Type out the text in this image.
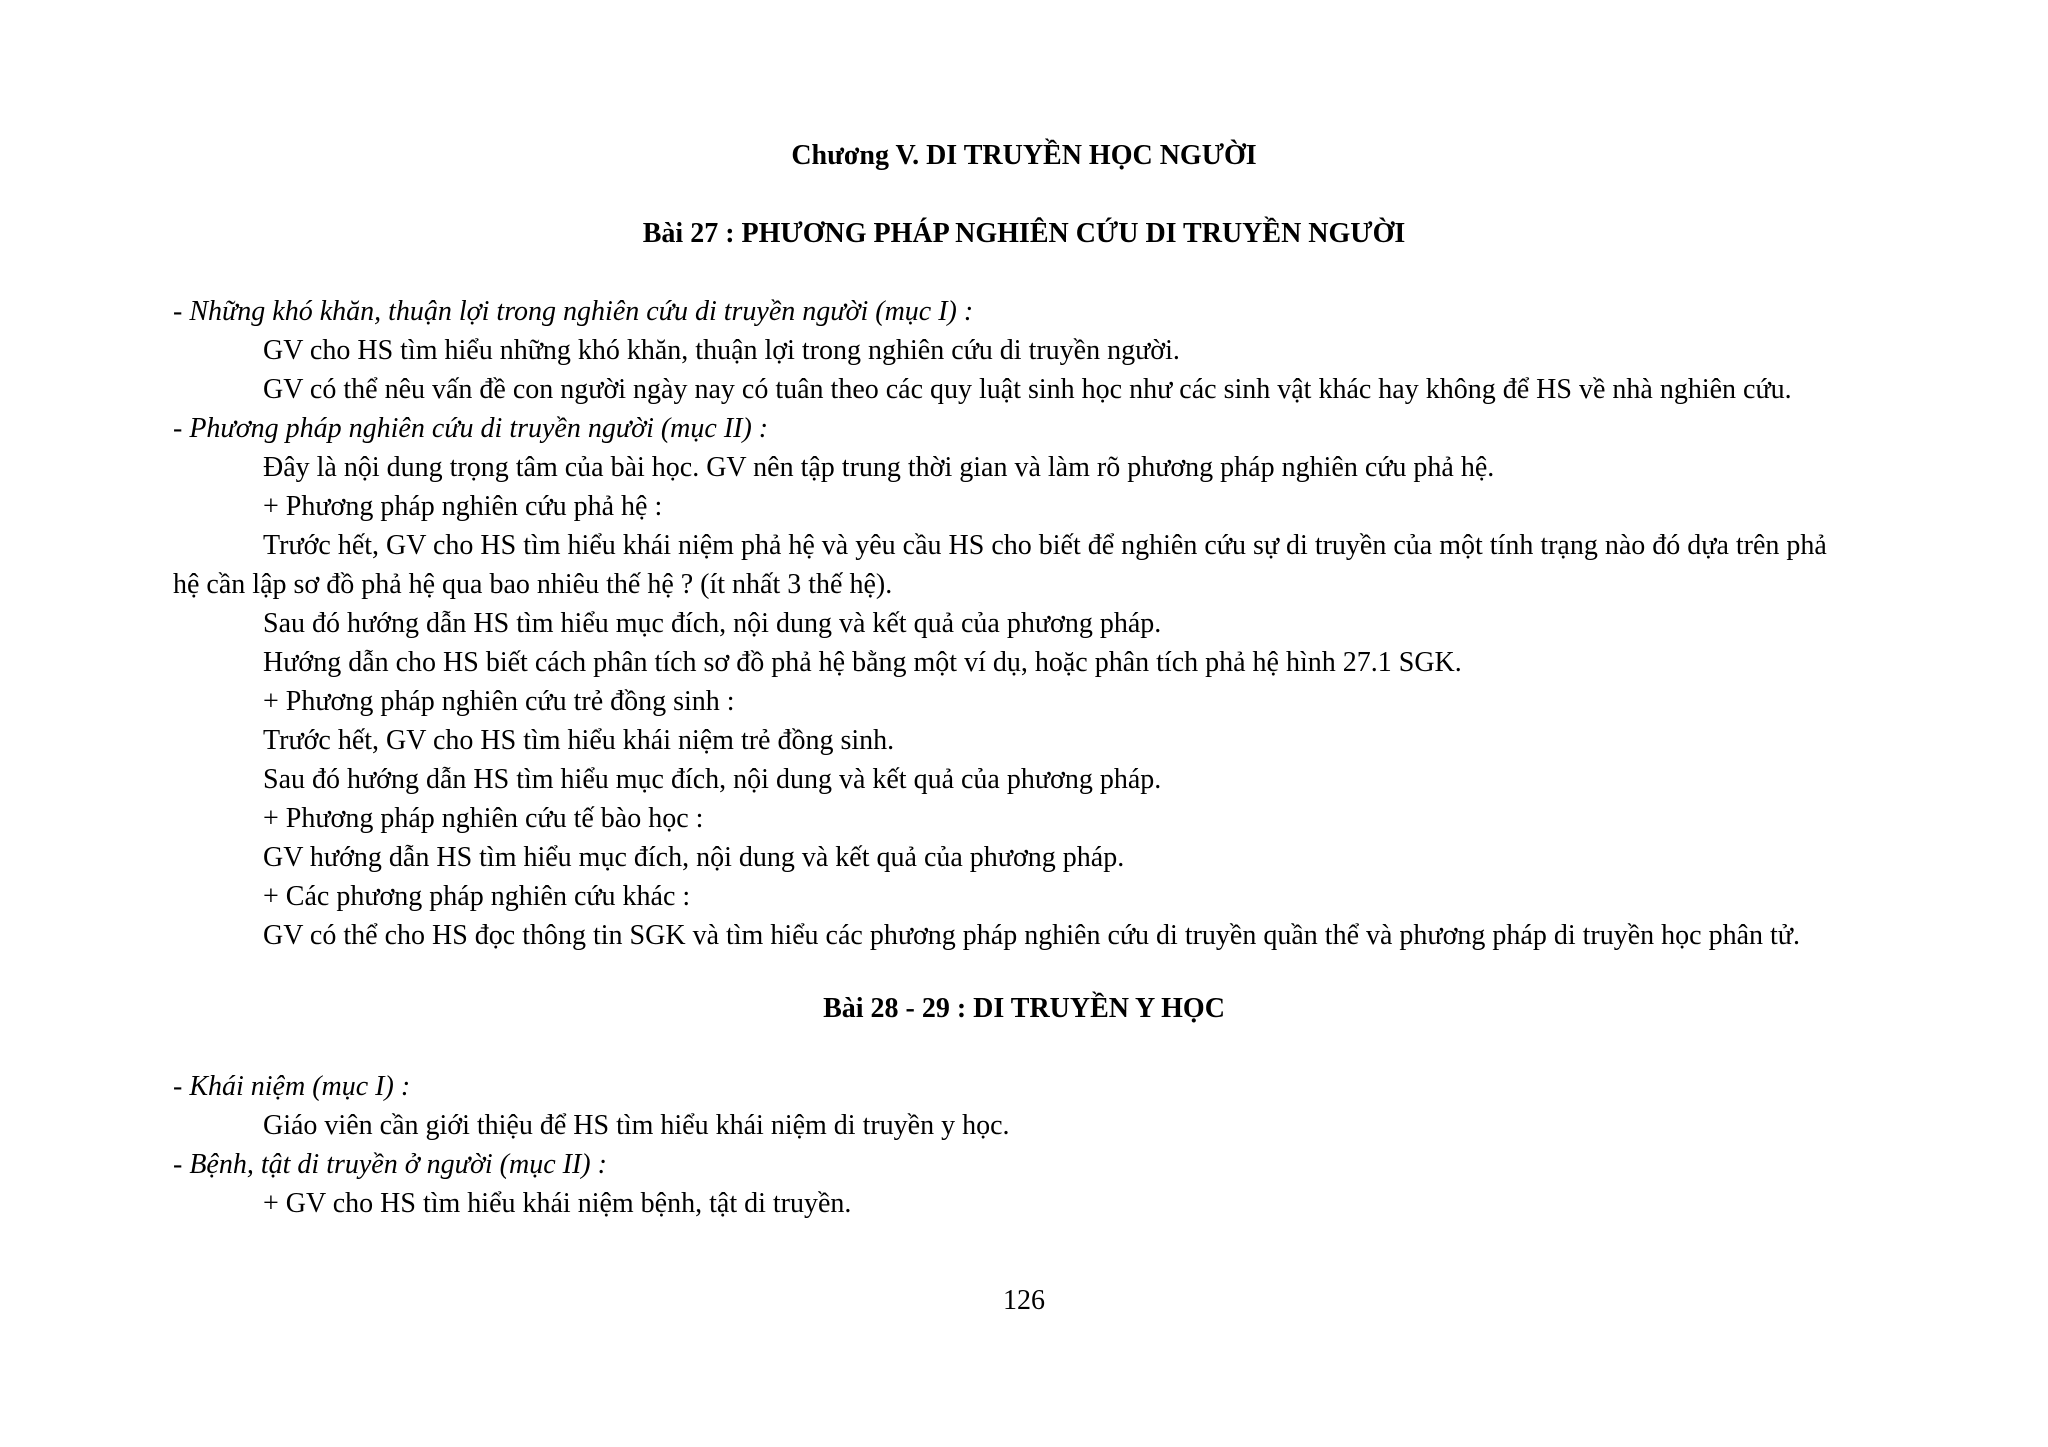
Chương V. DI TRUYỀN HỌC NGƯỜI
Bài 27 : PHƯƠNG PHÁP NGHIÊN CỨU DI TRUYỀN NGƯỜI
- Những khó khăn, thuận lợi trong nghiên cứu di truyền người (mục I) :
GV cho HS tìm hiểu những khó khăn, thuận lợi trong nghiên cứu di truyền người.
GV có thể nêu vấn đề con người ngày nay có tuân theo các quy luật sinh học như các sinh vật khác hay không để HS về nhà nghiên cứu.
- Phương pháp nghiên cứu di truyền người (mục II) :
Đây là nội dung trọng tâm của bài học. GV nên tập trung thời gian và làm rõ phương pháp nghiên cứu phả hệ.
+ Phương pháp nghiên cứu phả hệ :
Trước hết, GV cho HS tìm hiểu khái niệm phả hệ và yêu cầu HS cho biết để nghiên cứu sự di truyền của một tính trạng nào đó dựa trên phả
hệ cần lập sơ đồ phả hệ qua bao nhiêu thế hệ ? (ít nhất 3 thế hệ).
Sau đó hướng dẫn HS tìm hiểu mục đích, nội dung và kết quả của phương pháp.
Hướng dẫn cho HS biết cách phân tích sơ đồ phả hệ bằng một ví dụ, hoặc phân tích phả hệ hình 27.1 SGK.
+ Phương pháp nghiên cứu trẻ đồng sinh :
Trước hết, GV cho HS tìm hiểu khái niệm trẻ đồng sinh.
Sau đó hướng dẫn HS tìm hiểu mục đích, nội dung và kết quả của phương pháp.
+ Phương pháp nghiên cứu tế bào học :
GV hướng dẫn HS tìm hiểu mục đích, nội dung và kết quả của phương pháp.
+ Các phương pháp nghiên cứu khác :
GV có thể cho HS đọc thông tin SGK và tìm hiểu các phương pháp nghiên cứu di truyền quần thể và phương pháp di truyền học phân tử.
Bài 28 - 29 : DI TRUYỀN Y HỌC
- Khái niệm (mục I) :
Giáo viên cần giới thiệu để HS tìm hiểu khái niệm di truyền y học.
- Bệnh, tật di truyền ở người (mục II) :
+ GV cho HS tìm hiểu khái niệm bệnh, tật di truyền.
126
